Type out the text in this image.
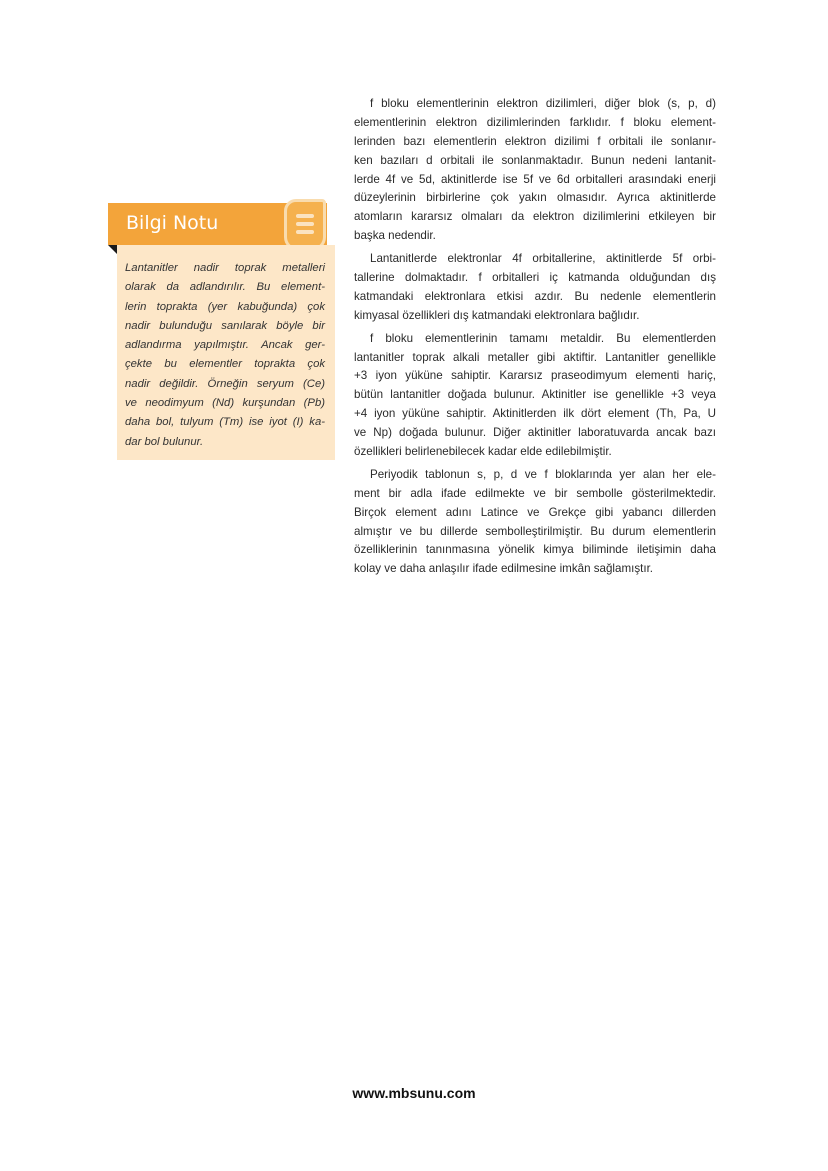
Bilgi Notu
Lantanitler nadir toprak metalleri
olarak da adlandırılır. Bu element-
lerin toprakta (yer kabuğunda) çok
nadir bulunduğu sanılarak böyle bir
adlandırma yapılmıştır. Ancak ger-
çekte bu elementler toprakta çok
nadir değildir. Örneğin seryum (Ce)
ve neodimyum (Nd) kurşundan (Pb)
daha bol, tulyum (Tm) ise iyot (I) ka-
dar bol bulunur.
f bloku elementlerinin elektron dizilimleri, diğer blok (s, p, d)
elementlerinin elektron dizilimlerinden farklıdır. f bloku element-
lerinden bazı elementlerin elektron dizilimi f orbitali ile sonlanır-
ken bazıları d orbitali ile sonlanmaktadır. Bunun nedeni lantanit-
lerde 4f ve 5d, aktinitlerde ise 5f ve 6d orbitalleri arasındaki enerji
düzeylerinin birbirlerine çok yakın olmasıdır. Ayrıca aktinitlerde
atomların kararsız olmaları da elektron dizilimlerini etkileyen bir
başka nedendir.
Lantanitlerde elektronlar 4f orbitallerine, aktinitlerde 5f orbi-
tallerine dolmaktadır. f orbitalleri iç katmanda olduğundan dış
katmandaki elektronlara etkisi azdır. Bu nedenle elementlerin
kimyasal özellikleri dış katmandaki elektronlara bağlıdır.
f bloku elementlerinin tamamı metaldir. Bu elementlerden
lantanitler toprak alkali metaller gibi aktiftir. Lantanitler genellikle
+3 iyon yüküne sahiptir. Kararsız praseodimyum elementi hariç,
bütün lantanitler doğada bulunur. Aktinitler ise genellikle +3 veya
+4 iyon yüküne sahiptir. Aktinitlerden ilk dört element (Th, Pa, U
ve Np) doğada bulunur. Diğer aktinitler laboratuvarda ancak bazı
özellikleri belirlenebilecek kadar elde edilebilmiştir.
Periyodik tablonun s, p, d ve f bloklarında yer alan her ele-
ment bir adla ifade edilmekte ve bir sembolle gösterilmektedir.
Birçok element adını Latince ve Grekçe gibi yabancı dillerden
almıştır ve bu dillerde sembolleştirilmiştir. Bu durum elementlerin
özelliklerinin tanınmasına yönelik kimya biliminde iletişimin daha
kolay ve daha anlaşılır ifade edilmesine imkân sağlamıştır.
www.mbsunu.com
